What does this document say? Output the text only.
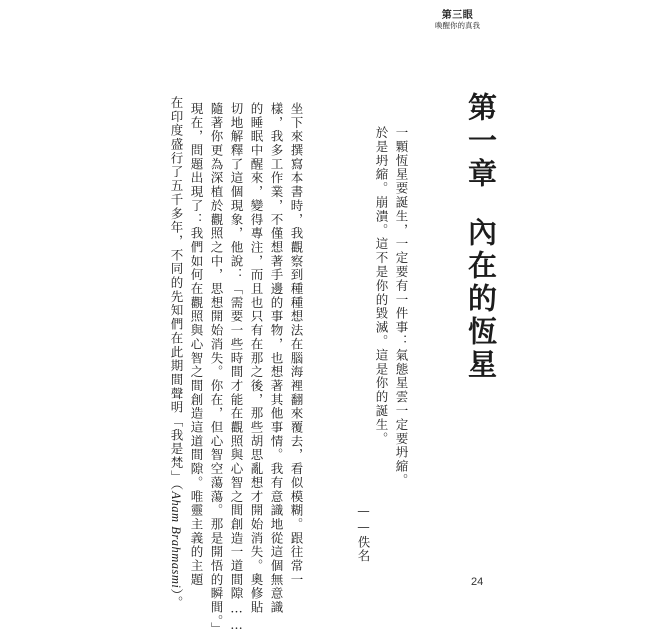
第三眼
喚醒你的真我
第一章內在的恆星

一顆恆星要誕生，一定要有一件事：氣態星雲一定要坍縮。

於是坍縮。崩潰。這不是你的毀滅。這是你的誕生。

——佚名

坐下來撰寫本書時，我觀察到種種想法在腦海裡翻來覆去，看似模糊。跟往常一

樣，我多工作業，不僅想著手邊的事物，也想著其他事情。我有意識地從這個無意識

的睡眠中醒來，變得專注，而且也只有在那之後，那些胡思亂想才開始消失。奧修貼

切地解釋了這個現象，他說：「需要一些時間才能在觀照與心智之間創造一道間隙……

隨著你更為深植於觀照之中，思想開始消失。你在，但心智空蕩蕩。那是開悟的瞬間。」

現在，問題出現了：我們如何在觀照與心智之間創造這道間隙。唯靈主義的主題

在印度盛行了五千多年，不同的先知們在此期間聲明「我是梵」（Aham Brahmasmi）。

24
